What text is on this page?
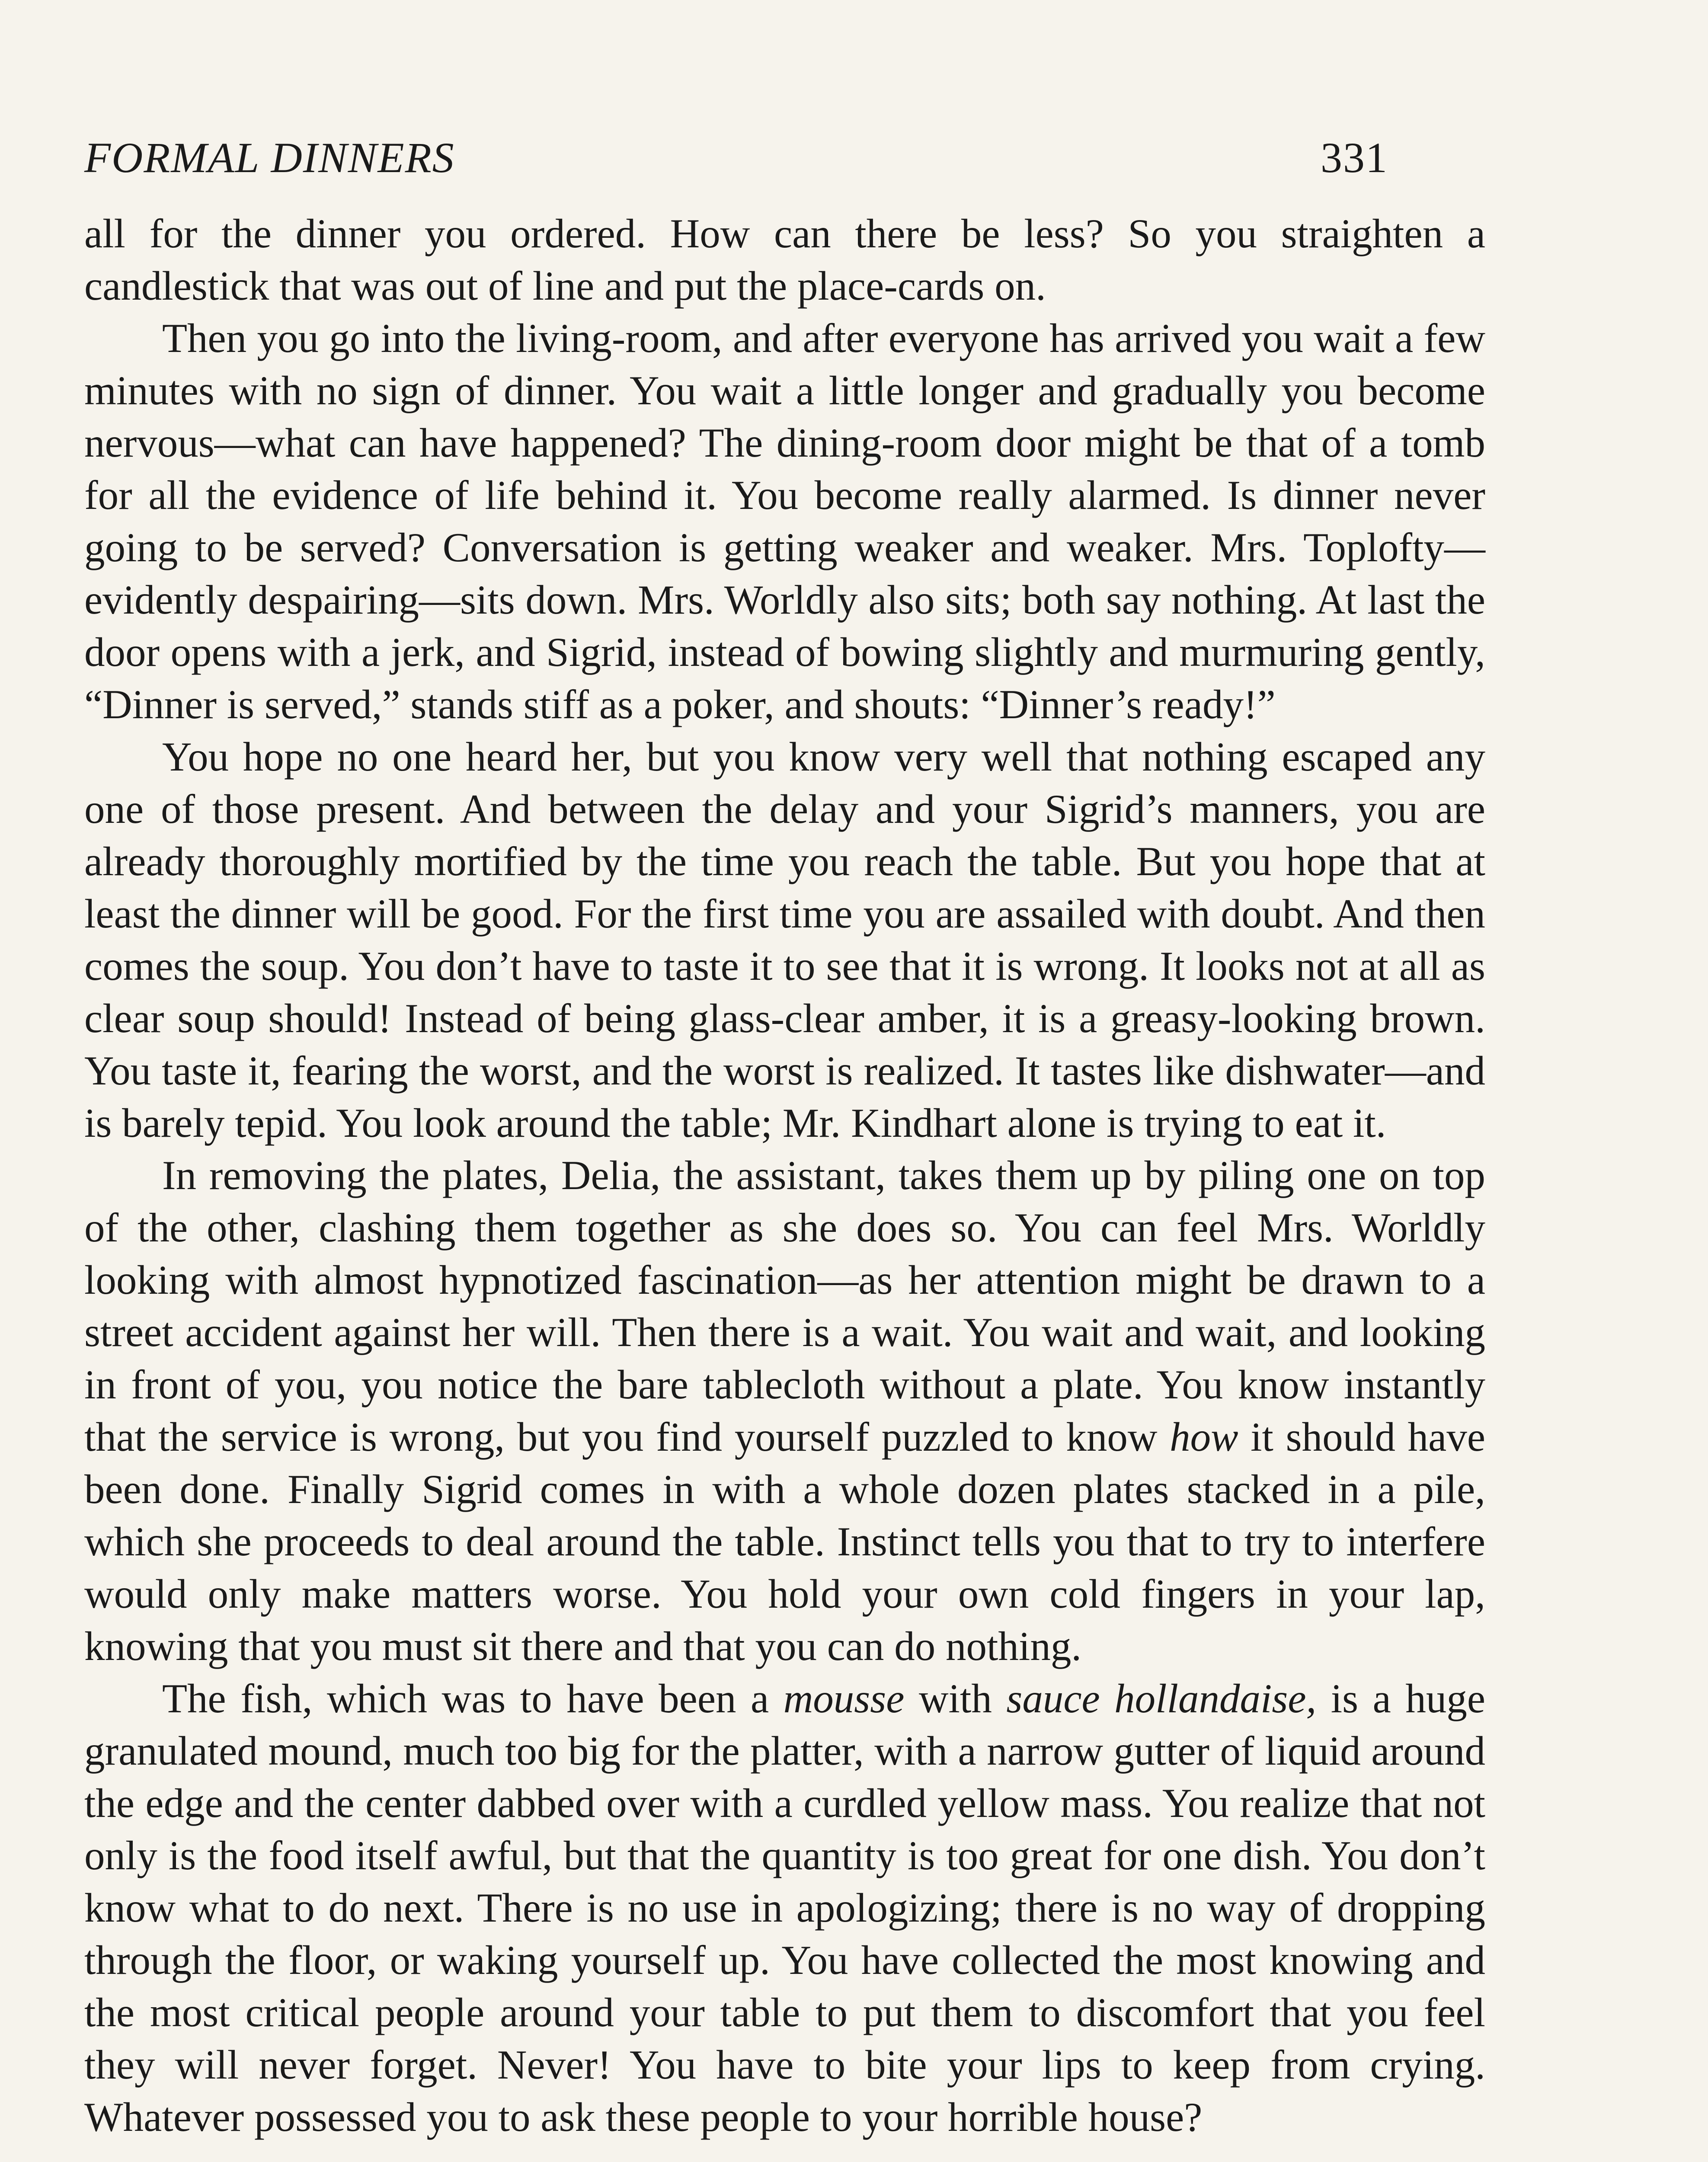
FORMAL DINNERS	331

all for the dinner you ordered. How can there be less? So you straighten a candlestick that was out of line and put the place-cards on.

Then you go into the living-room, and after everyone has arrived you wait a few minutes with no sign of dinner. You wait a little longer and gradually you become nervous—what can have happened? The dining-room door might be that of a tomb for all the evidence of life behind it. You become really alarmed. Is dinner never going to be served? Conversation is getting weaker and weaker. Mrs. Toplofty—evidently despairing—sits down. Mrs. Worldly also sits; both say nothing. At last the door opens with a jerk, and Sigrid, instead of bowing slightly and murmuring gently, “Dinner is served,” stands stiff as a poker, and shouts: “Dinner’s ready!”

You hope no one heard her, but you know very well that nothing escaped any one of those present. And between the delay and your Sigrid’s manners, you are already thoroughly mortified by the time you reach the table. But you hope that at least the dinner will be good. For the first time you are assailed with doubt. And then comes the soup. You don’t have to taste it to see that it is wrong. It looks not at all as clear soup should! Instead of being glass-clear amber, it is a greasy-looking brown. You taste it, fearing the worst, and the worst is realized. It tastes like dishwater—and is barely tepid. You look around the table; Mr. Kindhart alone is trying to eat it.

In removing the plates, Delia, the assistant, takes them up by piling one on top of the other, clashing them together as she does so. You can feel Mrs. Worldly looking with almost hypnotized fascination—as her attention might be drawn to a street accident against her will. Then there is a wait. You wait and wait, and looking in front of you, you notice the bare tablecloth without a plate. You know instantly that the service is wrong, but you find yourself puzzled to know how it should have been done. Finally Sigrid comes in with a whole dozen plates stacked in a pile, which she proceeds to deal around the table. Instinct tells you that to try to interfere would only make matters worse. You hold your own cold fingers in your lap, knowing that you must sit there and that you can do nothing.

The fish, which was to have been a mousse with sauce hollandaise, is a huge granulated mound, much too big for the platter, with a narrow gutter of liquid around the edge and the center dabbed over with a curdled yellow mass. You realize that not only is the food itself awful, but that the quantity is too great for one dish. You don’t know what to do next. There is no use in apologizing; there is no way of dropping through the floor, or waking yourself up. You have collected the most knowing and the most critical people around your table to put them to discomfort that you feel they will never forget. Never! You have to bite your lips to keep from crying. Whatever possessed you to ask these people to your horrible house?
